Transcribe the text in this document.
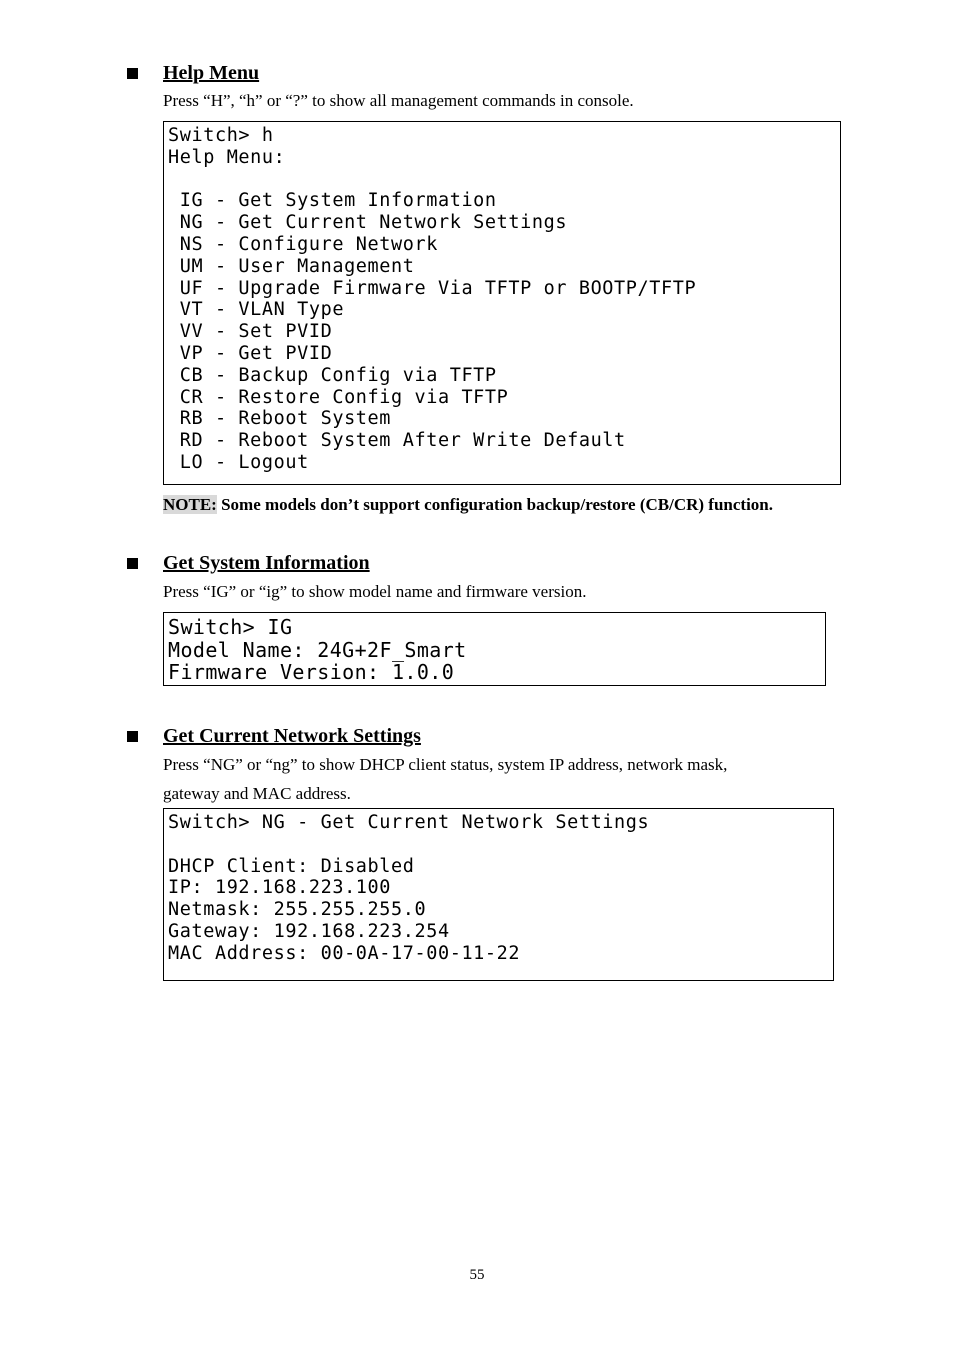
Help Menu
Press “H”, “h” or “?” to show all management commands in console.
Switch> h
Help Menu:
IG - Get System Information
NG - Get Current Network Settings
NS - Configure Network
UM - User Management
UF - Upgrade Firmware Via TFTP or BOOTP/TFTP
VT - VLAN Type
VV - Set PVID
VP - Get PVID
CB - Backup Config via TFTP
CR - Restore Config via TFTP
RB - Reboot System
RD - Reboot System After Write Default
LO - Logout
NOTE: Some models don’t support configuration backup/restore (CB/CR) function.
Get System Information
Press “IG” or “ig” to show model name and firmware version.
Switch> IG
Model Name: 24G+2F_Smart
Firmware Version: 1.0.0
Get Current Network Settings
Press “NG” or “ng” to show DHCP client status, system IP address, network mask,
gateway and MAC address.
Switch> NG - Get Current Network Settings
DHCP Client: Disabled
IP: 192.168.223.100
Netmask: 255.255.255.0
Gateway: 192.168.223.254
MAC Address: 00-0A-17-00-11-22
55
